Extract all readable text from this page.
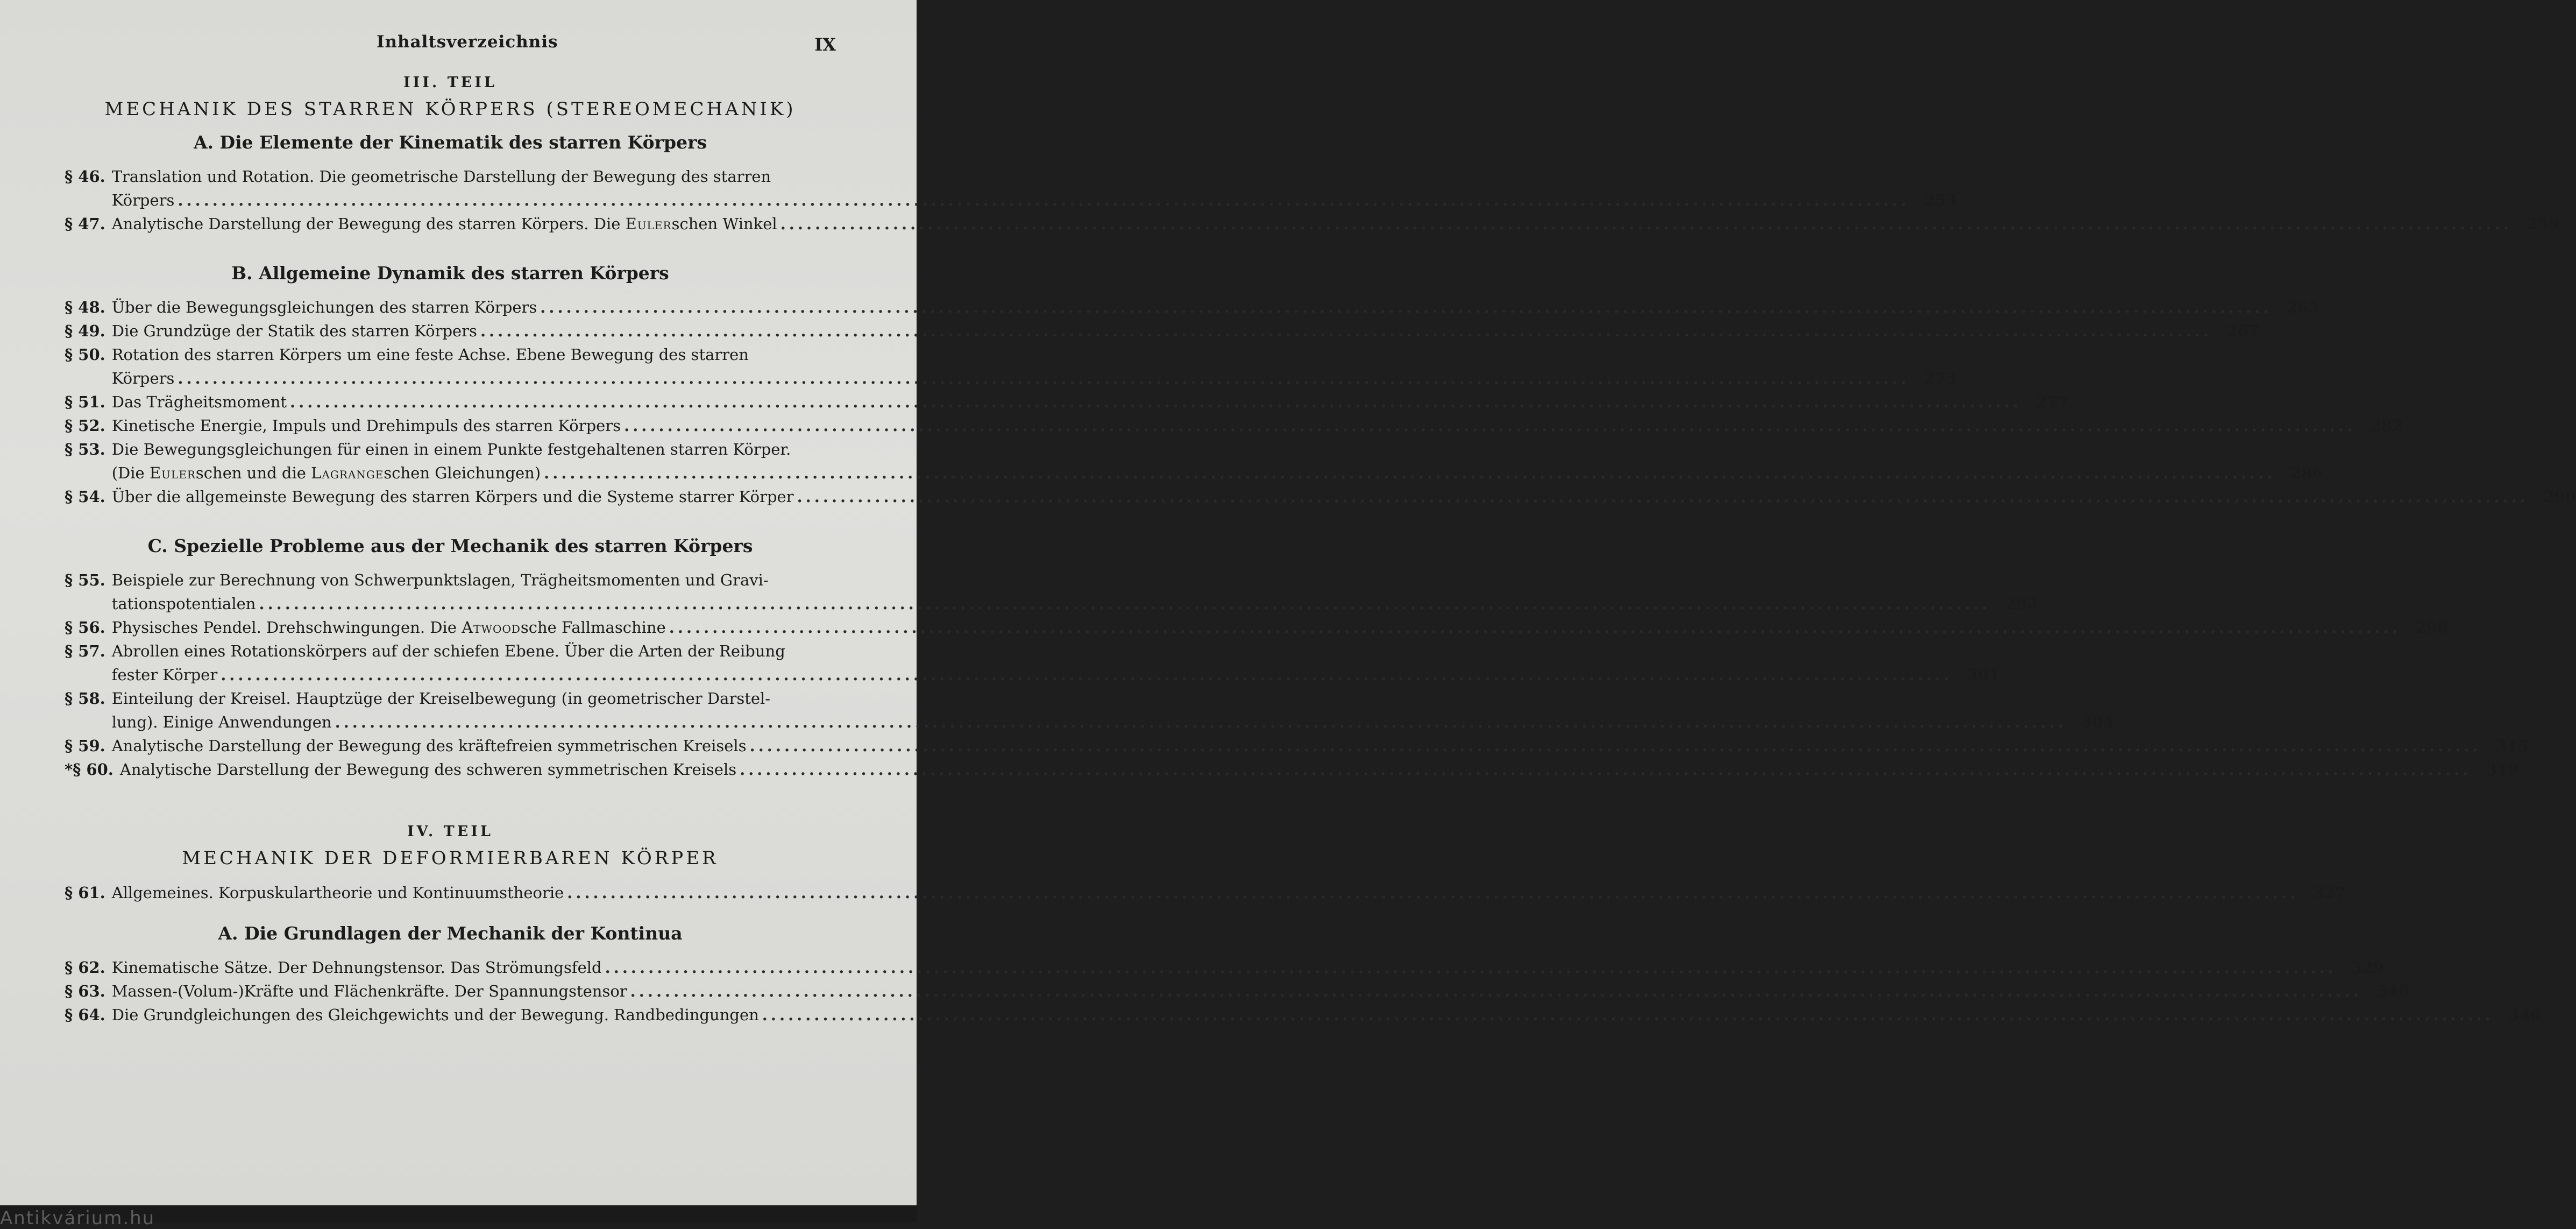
Inhaltsverzeichnis	IX
III. TEIL
MECHANIK DES STARREN KÖRPERS (STEREOMECHANIK)
A. Die Elemente der Kinematik des starren Körpers
§ 46. Translation und Rotation. Die geometrische Darstellung der Bewegung des starren
Körpers ........................................................................................................................................................................................................ 253
§ 47. Analytische Darstellung der Bewegung des starren Körpers. Die Eulerschen Winkel ........................................................................................................................................................................................................ 259
B. Allgemeine Dynamik des starren Körpers
§ 48. Über die Bewegungsgleichungen des starren Körpers ........................................................................................................................................................................................................ 265
§ 49. Die Grundzüge der Statik des starren Körpers ........................................................................................................................................................................................................ 267
§ 50. Rotation des starren Körpers um eine feste Achse. Ebene Bewegung des starren
Körpers ........................................................................................................................................................................................................ 273
§ 51. Das Trägheitsmoment ........................................................................................................................................................................................................ 277
§ 52. Kinetische Energie, Impuls und Drehimpuls des starren Körpers ........................................................................................................................................................................................................ 282
§ 53. Die Bewegungsgleichungen für einen in einem Punkte festgehaltenen starren Körper.
(Die Eulerschen und die Lagrangeschen Gleichungen) ........................................................................................................................................................................................................ 286
§ 54. Über die allgemeinste Bewegung des starren Körpers und die Systeme starrer Körper ........................................................................................................................................................................................................ 290
C. Spezielle Probleme aus der Mechanik des starren Körpers
§ 55. Beispiele zur Berechnung von Schwerpunktslagen, Trägheitsmomenten und Gravi-
tationspotentialen ........................................................................................................................................................................................................ 292
§ 56. Physisches Pendel. Drehschwingungen. Die Atwoodsche Fallmaschine ........................................................................................................................................................................................................ 298
§ 57. Abrollen eines Rotationskörpers auf der schiefen Ebene. Über die Arten der Reibung
fester Körper ........................................................................................................................................................................................................ 301
§ 58. Einteilung der Kreisel. Hauptzüge der Kreiselbewegung (in geometrischer Darstel-
lung). Einige Anwendungen ........................................................................................................................................................................................................ 304
§ 59. Analytische Darstellung der Bewegung des kräftefreien symmetrischen Kreisels ........................................................................................................................................................................................................ 315
*§ 60. Analytische Darstellung der Bewegung des schweren symmetrischen Kreisels ........................................................................................................................................................................................................ 319
IV. TEIL
MECHANIK DER DEFORMIERBAREN KÖRPER
§ 61. Allgemeines. Korpuskulartheorie und Kontinuumstheorie ........................................................................................................................................................................................................ 327
A. Die Grundlagen der Mechanik der Kontinua
§ 62. Kinematische Sätze. Der Dehnungstensor. Das Strömungsfeld ........................................................................................................................................................................................................ 329
§ 63. Massen-(Volum-)Kräfte und Flächenkräfte. Der Spannungstensor ........................................................................................................................................................................................................ 340
§ 64. Die Grundgleichungen des Gleichgewichts und der Bewegung. Randbedingungen ........................................................................................................................................................................................................ 346
Antikvárium.hu
